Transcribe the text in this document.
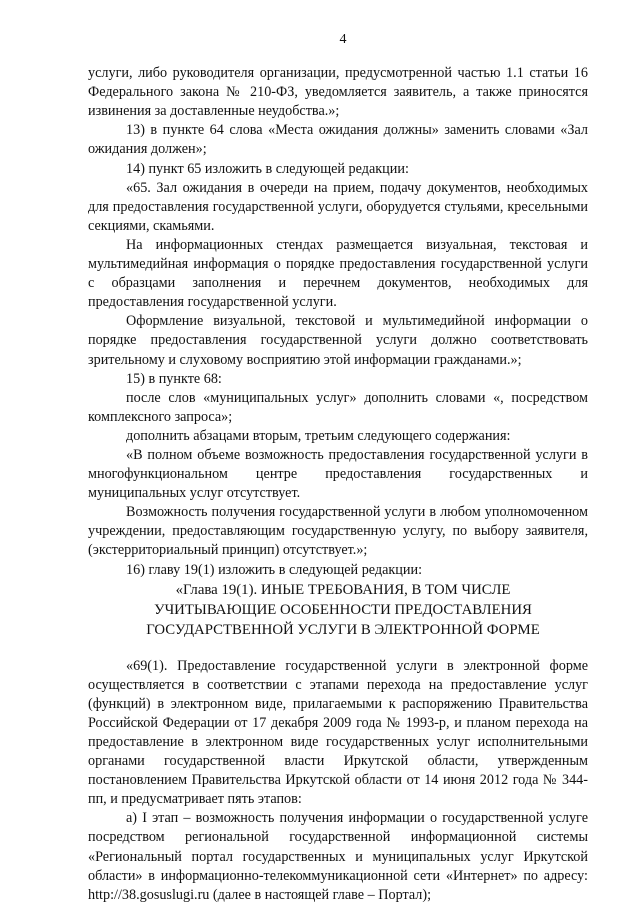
4

услуги, либо руководителя организации, предусмотренной частью 1.1 статьи 16 Федерального закона № 210-ФЗ, уведомляется заявитель, а также приносятся извинения за доставленные неудобства.»;

13) в пункте 64 слова «Места ожидания должны» заменить словами «Зал ожидания должен»;

14) пункт 65 изложить в следующей редакции:

«65. Зал ожидания в очереди на прием, подачу документов, необходимых для предоставления государственной услуги, оборудуется стульями, кресельными секциями, скамьями.

На информационных стендах размещается визуальная, текстовая и мультимедийная информация о порядке предоставления государственной услуги с образцами заполнения и перечнем документов, необходимых для предоставления государственной услуги.

Оформление визуальной, текстовой и мультимедийной информации о порядке предоставления государственной услуги должно соответствовать зрительному и слуховому восприятию этой информации гражданами.»;

15) в пункте 68:

после слов «муниципальных услуг» дополнить словами «, посредством комплексного запроса»;

дополнить абзацами вторым, третьим следующего содержания:

«В полном объеме возможность предоставления государственной услуги в многофункциональном центре предоставления государственных и муниципальных услуг отсутствует.

Возможность получения государственной услуги в любом уполномоченном учреждении, предоставляющим государственную услугу, по выбору заявителя, (экстерриториальный принцип) отсутствует.»;

16) главу 19(1) изложить в следующей редакции:

«Глава 19(1). ИНЫЕ ТРЕБОВАНИЯ, В ТОМ ЧИСЛЕ
УЧИТЫВАЮЩИЕ ОСОБЕННОСТИ ПРЕДОСТАВЛЕНИЯ
ГОСУДАРСТВЕННОЙ УСЛУГИ В ЭЛЕКТРОННОЙ ФОРМЕ

«69(1). Предоставление государственной услуги в электронной форме осуществляется в соответствии с этапами перехода на предоставление услуг (функций) в электронном виде, прилагаемыми к распоряжению Правительства Российской Федерации от 17 декабря 2009 года № 1993-р, и планом перехода на предоставление в электронном виде государственных услуг исполнительными органами государственной власти Иркутской области, утвержденным постановлением Правительства Иркутской области от 14 июня 2012 года № 344-пп, и предусматривает пять этапов:

а) I этап – возможность получения информации о государственной услуге посредством региональной государственной информационной системы «Региональный портал государственных и муниципальных услуг Иркутской области» в информационно-телекоммуникационной сети «Интернет» по адресу: http://38.gosuslugi.ru (далее в настоящей главе – Портал);
